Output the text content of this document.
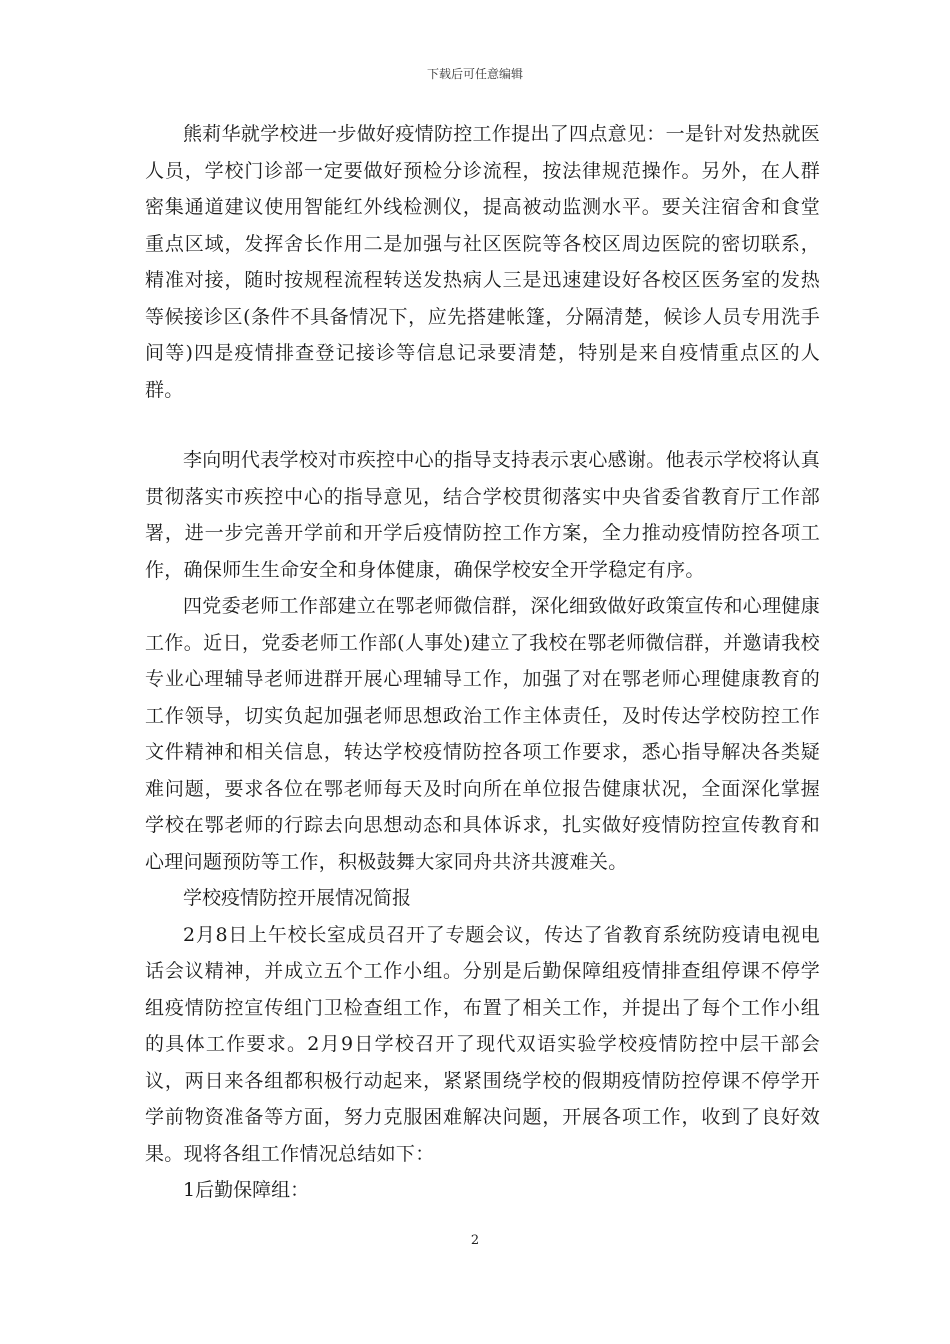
下载后可任意编辑

熊莉华就学校进一步做好疫情防控工作提出了四点意见：一是针对发热就医人员，学校门诊部一定要做好预检分诊流程，按法律规范操作。另外，在人群密集通道建议使用智能红外线检测仪，提高被动监测水平。要关注宿舍和食堂重点区域，发挥舍长作用二是加强与社区医院等各校区周边医院的密切联系，精准对接，随时按规程流程转送发热病人三是迅速建设好各校区医务室的发热等候接诊区(条件不具备情况下，应先搭建帐篷，分隔清楚，候诊人员专用洗手间等)四是疫情排查登记接诊等信息记录要清楚，特别是来自疫情重点区的人群。

李向明代表学校对市疾控中心的指导支持表示衷心感谢。他表示学校将认真贯彻落实市疾控中心的指导意见，结合学校贯彻落实中央省委省教育厅工作部署，进一步完善开学前和开学后疫情防控工作方案，全力推动疫情防控各项工作，确保师生生命安全和身体健康，确保学校安全开学稳定有序。

四党委老师工作部建立在鄂老师微信群，深化细致做好政策宣传和心理健康工作。近日，党委老师工作部(人事处)建立了我校在鄂老师微信群，并邀请我校专业心理辅导老师进群开展心理辅导工作，加强了对在鄂老师心理健康教育的工作领导，切实负起加强老师思想政治工作主体责任，及时传达学校防控工作文件精神和相关信息，转达学校疫情防控各项工作要求，悉心指导解决各类疑难问题，要求各位在鄂老师每天及时向所在单位报告健康状况，全面深化掌握学校在鄂老师的行踪去向思想动态和具体诉求，扎实做好疫情防控宣传教育和心理问题预防等工作，积极鼓舞大家同舟共济共渡难关。

学校疫情防控开展情况简报

2月8日上午校长室成员召开了专题会议，传达了省教育系统防疫请电视电话会议精神，并成立五个工作小组。分别是后勤保障组疫情排查组停课不停学组疫情防控宣传组门卫检查组工作，布置了相关工作，并提出了每个工作小组的具体工作要求。2月9日学校召开了现代双语实验学校疫情防控中层干部会议，两日来各组都积极行动起来，紧紧围绕学校的假期疫情防控停课不停学开学前物资准备等方面，努力克服困难解决问题，开展各项工作，收到了良好效果。现将各组工作情况总结如下：

1后勤保障组：

2
